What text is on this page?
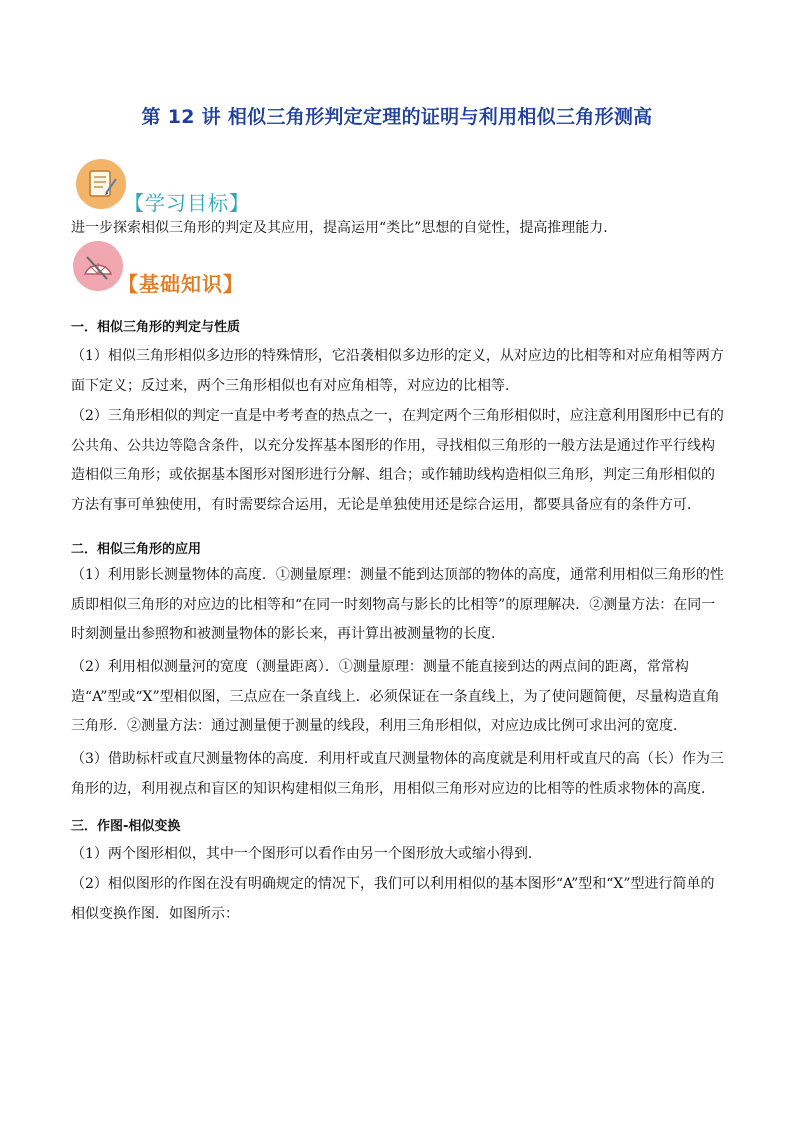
第 12 讲 相似三角形判定定理的证明与利用相似三角形测高
【学习目标】
进一步探索相似三角形的判定及其应用，提高运用“类比”思想的自觉性，提高推理能力.
【基础知识】
一．相似三角形的判定与性质
（1）相似三角形相似多边形的特殊情形，它沿袭相似多边形的定义，从对应边的比相等和对应角相等两方面下定义；反过来，两个三角形相似也有对应角相等，对应边的比相等．
（2）三角形相似的判定一直是中考考查的热点之一，在判定两个三角形相似时，应注意利用图形中已有的公共角、公共边等隐含条件，以充分发挥基本图形的作用，寻找相似三角形的一般方法是通过作平行线构造相似三角形；或依据基本图形对图形进行分解、组合；或作辅助线构造相似三角形，判定三角形相似的方法有事可单独使用，有时需要综合运用，无论是单独使用还是综合运用，都要具备应有的条件方可．
二．相似三角形的应用
（1）利用影长测量物体的高度．①测量原理：测量不能到达顶部的物体的高度，通常利用相似三角形的性质即相似三角形的对应边的比相等和“在同一时刻物高与影长的比相等”的原理解决．②测量方法：在同一时刻测量出参照物和被测量物体的影长来，再计算出被测量物的长度．
（2）利用相似测量河的宽度（测量距离）．①测量原理：测量不能直接到达的两点间的距离，常常构造“A”型或“X”型相似图，三点应在一条直线上．必须保证在一条直线上，为了使问题简便，尽量构造直角三角形．②测量方法：通过测量便于测量的线段，利用三角形相似，对应边成比例可求出河的宽度．
（3）借助标杆或直尺测量物体的高度．利用杆或直尺测量物体的高度就是利用杆或直尺的高（长）作为三角形的边，利用视点和盲区的知识构建相似三角形，用相似三角形对应边的比相等的性质求物体的高度．
三．作图-相似变换
（1）两个图形相似，其中一个图形可以看作由另一个图形放大或缩小得到．
（2）相似图形的作图在没有明确规定的情况下，我们可以利用相似的基本图形“A”型和“X”型进行简单的相似变换作图．如图所示：
